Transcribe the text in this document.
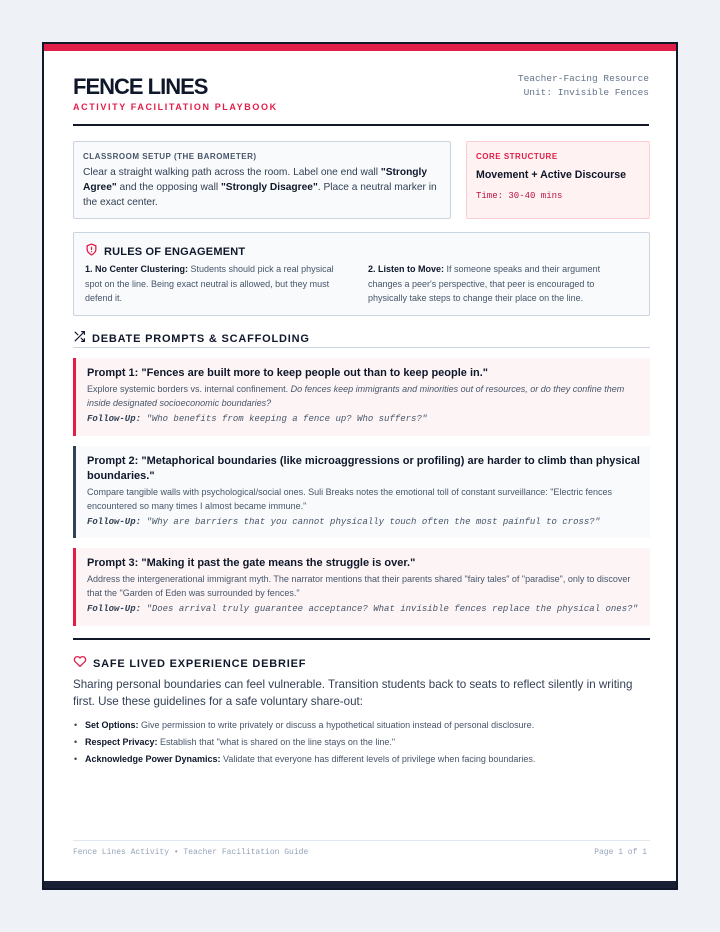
FENCE LINES
ACTIVITY FACILITATION PLAYBOOK
Teacher-Facing Resource
Unit: Invisible Fences
CLASSROOM SETUP (THE BAROMETER)
Clear a straight walking path across the room. Label one end wall "Strongly Agree" and the opposing wall "Strongly Disagree". Place a neutral marker in the exact center.
CORE STRUCTURE
Movement + Active Discourse
Time: 30-40 mins
RULES OF ENGAGEMENT
1. No Center Clustering: Students should pick a real physical spot on the line. Being exact neutral is allowed, but they must defend it.
2. Listen to Move: If someone speaks and their argument changes a peer's perspective, that peer is encouraged to physically take steps to change their place on the line.
DEBATE PROMPTS & SCAFFOLDING
Prompt 1: "Fences are built more to keep people out than to keep people in."
Explore systemic borders vs. internal confinement. Do fences keep immigrants and minorities out of resources, or do they confine them inside designated socioeconomic boundaries?
Follow-Up: "Who benefits from keeping a fence up? Who suffers?"
Prompt 2: "Metaphorical boundaries (like microaggressions or profiling) are harder to climb than physical boundaries."
Compare tangible walls with psychological/social ones. Suli Breaks notes the emotional toll of constant surveillance: "Electric fences encountered so many times I almost became immune."
Follow-Up: "Why are barriers that you cannot physically touch often the most painful to cross?"
Prompt 3: "Making it past the gate means the struggle is over."
Address the intergenerational immigrant myth. The narrator mentions that their parents shared "fairy tales" of "paradise", only to discover that the "Garden of Eden was surrounded by fences."
Follow-Up: "Does arrival truly guarantee acceptance? What invisible fences replace the physical ones?"
SAFE LIVED EXPERIENCE DEBRIEF
Sharing personal boundaries can feel vulnerable. Transition students back to seats to reflect silently in writing first. Use these guidelines for a safe voluntary share-out:
• Set Options: Give permission to write privately or discuss a hypothetical situation instead of personal disclosure.
• Respect Privacy: Establish that "what is shared on the line stays on the line."
• Acknowledge Power Dynamics: Validate that everyone has different levels of privilege when facing boundaries.
Fence Lines Activity • Teacher Facilitation Guide	Page 1 of 1
